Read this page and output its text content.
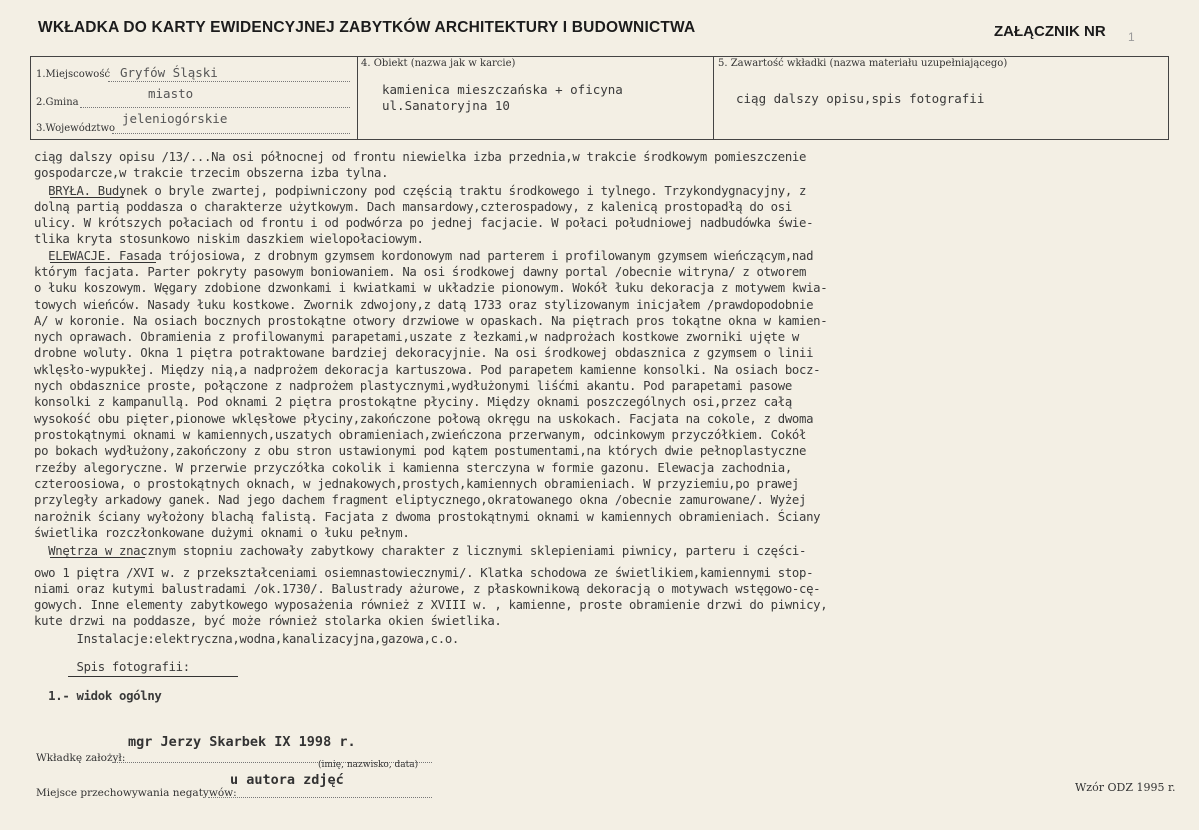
WKŁADKA DO KARTY EWIDENCYJNEJ ZABYTKÓW ARCHITEKTURY I BUDOWNICTWA	ZAŁĄCZNIK NR 1
1.Miejscowość Gryfów Śląski
2.Gmina
miasto
3.Województwo
jeleniogórskie
4. Obiekt (nazwa jak w karcie)
kamienica mieszczańska + oficyna
ul.Sanatoryjna 10
5. Zawartość wkładki (nazwa materiału uzupełniającego)
ciąg dalszy opisu,spis fotografii
ciąg dalszy opisu /13/...Na osi północnej od frontu niewielka izba przednia,w trakcie środkowym pomieszczenie
gospodarcze,w trakcie trzecim obszerna izba tylna.
BRYŁA. Budynek o bryle zwartej, podpiwniczony pod częścią traktu środkowego i tylnego. Trzykondygnacyjny, z
dolną partią poddasza o charakterze użytkowym. Dach mansardowy,czterospadowy, z kalenicą prostopadłą do osi
ulicy. W krótszych połaciach od frontu i od podwórza po jednej facjacie. W połaci południowej nadbudówka świe-
tlika kryta stosunkowo niskim daszkiem wielopołaciowym.
ELEWACJE. Fasada trójosiowa, z drobnym gzymsem kordonowym nad parterem i profilowanym gzymsem wieńczącym,nad
którym facjata. Parter pokryty pasowym boniowaniem. Na osi środkowej dawny portal /obecnie witryna/ z otworem
o łuku koszowym. Węgary zdobione dzwonkami i kwiatkami w układzie pionowym. Wokół łuku dekoracja z motywem kwia-
towych wieńców. Nasady łuku kostkowe. Zwornik zdwojony,z datą 1733 oraz stylizowanym inicjałem /prawdopodobnie
A/ w koronie. Na osiach bocznych prostokątne otwory drzwiowe w opaskach. Na piętrach pros tokątne okna w kamien-
nych oprawach. Obramienia z profilowanymi parapetami,uszate z łezkami,w nadprożach kostkowe zworniki ujęte w
drobne woluty. Okna 1 piętra potraktowane bardziej dekoracyjnie. Na osi środkowej obdasznica z gzymsem o linii
wklęsło-wypukłej. Między nią,a nadprożem dekoracja kartuszowa. Pod parapetem kamienne konsolki. Na osiach bocz-
nych obdasznice proste, połączone z nadprożem plastycznymi,wydłużonymi liśćmi akantu. Pod parapetami pasowe
konsolki z kampanullą. Pod oknami 2 piętra prostokątne płyciny. Między oknami poszczególnych osi,przez całą
wysokość obu pięter,pionowe wklęsłowe płyciny,zakończone połową okręgu na uskokach. Facjata na cokole, z dwoma
prostokątnymi oknami w kamiennych,uszatych obramieniach,zwieńczona przerwanym, odcinkowym przyczółkiem. Cokół
po bokach wydłużony,zakończony z obu stron ustawionymi pod kątem postumentami,na których dwie pełnoplastyczne
rzeźby alegoryczne. W przerwie przyczółka cokolik i kamienna sterczyna w formie gazonu. Elewacja zachodnia,
czteroosiowa, o prostokątnych oknach, w jednakowych,prostych,kamiennych obramieniach. W przyziemiu,po prawej
przyległy arkadowy ganek. Nad jego dachem fragment eliptycznego,okratowanego okna /obecnie zamurowane/. Wyżej
narożnik ściany wyłożony blachą falistą. Facjata z dwoma prostokątnymi oknami w kamiennych obramieniach. Ściany
świetlika rozczłonkowane dużymi oknami o łuku pełnym.
Wnętrza w znacznym stopniu zachowały zabytkowy charakter z licznymi sklepieniami piwnicy, parteru i części-
owo 1 piętra /XVI w. z przekształceniami osiemnastowiecznymi/. Klatka schodowa ze świetlikiem,kamiennymi stop-
niami oraz kutymi balustradami /ok.1730/. Balustrady ażurowe, z płaskownikową dekoracją o motywach wstęgowo-cę-
gowych. Inne elementy zabytkowego wyposażenia również z XVIII w. , kamienne, proste obramienie drzwi do piwnicy,
kute drzwi na poddasze, być może również stolarka okien świetlika.
Instalacje:elektryczna,wodna,kanalizacyjna,gazowa,c.o.
Spis fotografii:
1.- widok ogólny
Wkładkę założył:
mgr Jerzy Skarbek IX 1998 r.
(imię, nazwisko, data)
Miejsce przechowywania negatywów:
u autora zdjęć	Wzór ODZ 1995 r.
